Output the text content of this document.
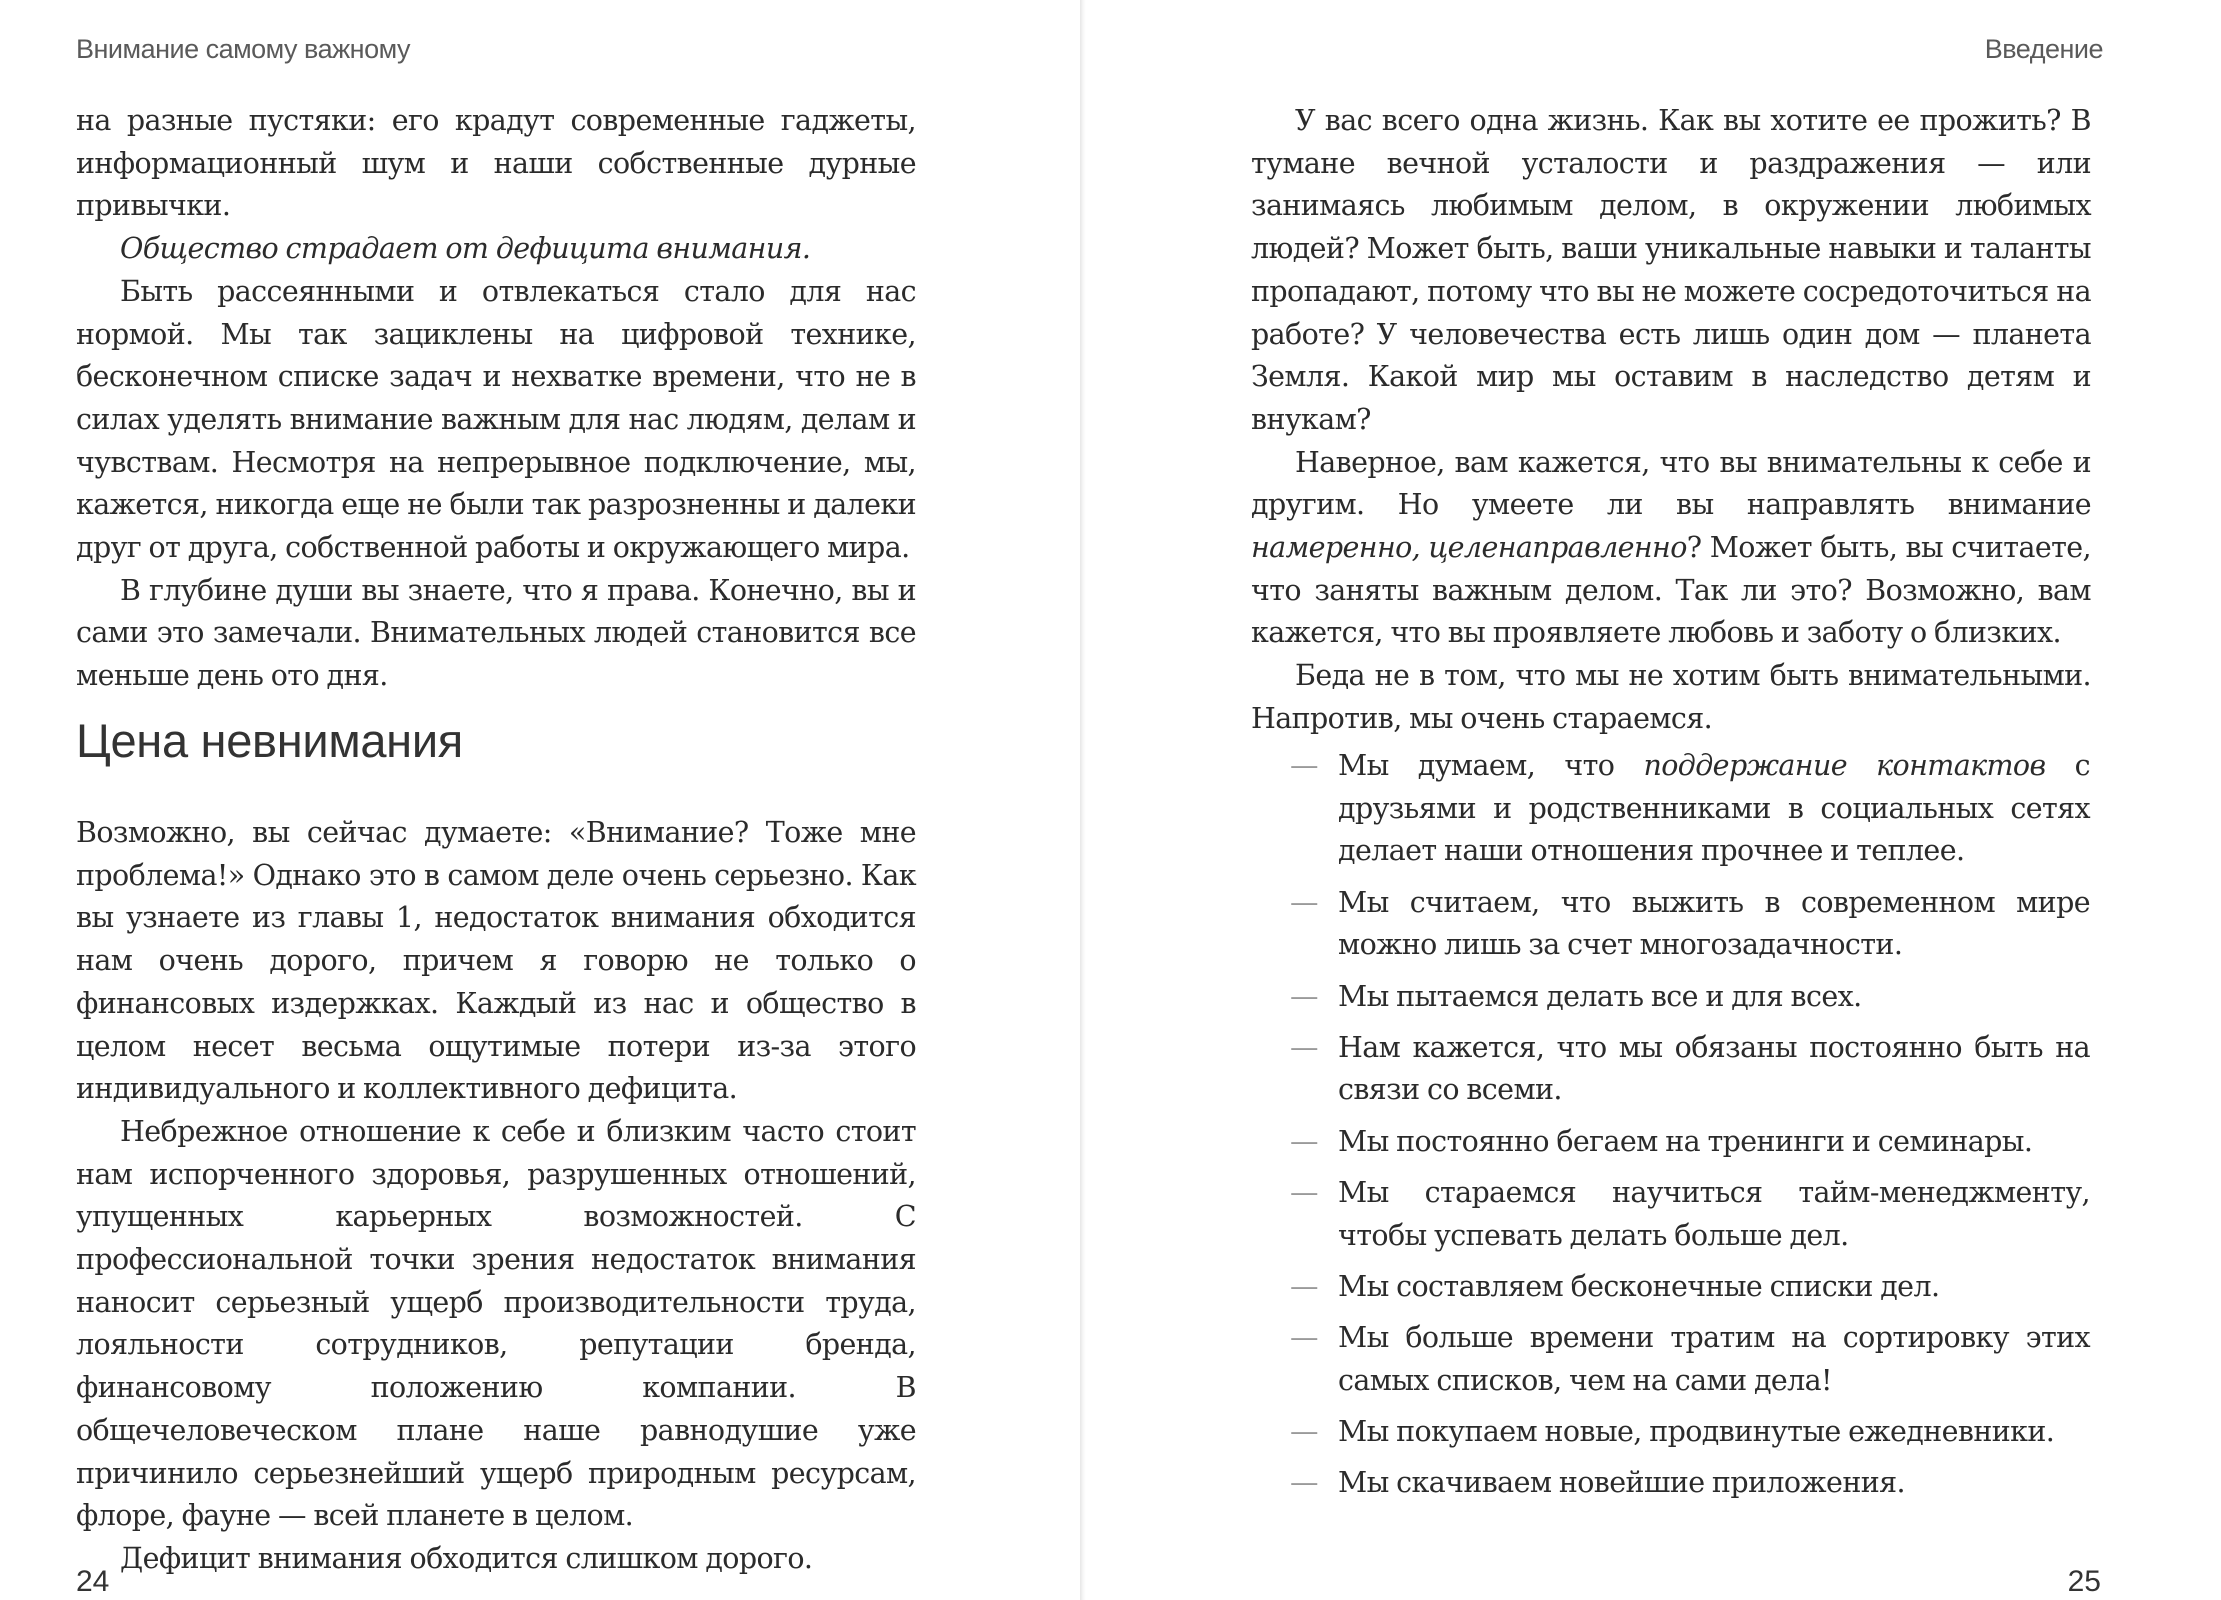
Внимание самому важному

на разные пустяки: его крадут современные гаджеты, информационный шум и наши собственные дурные привычки.

Общество страдает от дефицита внимания.

Быть рассеянными и отвлекаться стало для нас нормой. Мы так зациклены на цифровой технике, бесконечном списке задач и нехватке времени, что не в силах уделять внимание важным для нас людям, делам и чувствам. Несмотря на непрерывное подключение, мы, кажется, никогда еще не были так разрозненны и далеки друг от друга, собственной работы и окружающего мира.

В глубине души вы знаете, что я права. Конечно, вы и сами это замечали. Внимательных людей становится все меньше день ото дня.

Цена невнимания

Возможно, вы сейчас думаете: «Внимание? Тоже мне проблема!» Однако это в самом деле очень серьезно. Как вы узнаете из главы 1, недостаток внимания обходится нам очень дорого, причем я говорю не только о финансовых издержках. Каждый из нас и общество в целом несет весьма ощутимые потери из-за этого индивидуального и коллективного дефицита.

Небрежное отношение к себе и близким часто стоит нам испорченного здоровья, разрушенных отношений, упущенных карьерных возможностей. С профессиональной точки зрения недостаток внимания наносит серьезный ущерб производительности труда, лояльности сотрудников, репутации бренда, финансовому положению компании. В общечеловеческом плане наше равнодушие уже причинило серьезнейший ущерб природным ресурсам, флоре, фауне — всей планете в целом.

Дефицит внимания обходится слишком дорого.

24
Введение

У вас всего одна жизнь. Как вы хотите ее прожить? В тумане вечной усталости и раздражения — или занимаясь любимым делом, в окружении любимых людей? Может быть, ваши уникальные навыки и таланты пропадают, потому что вы не можете сосредоточиться на работе? У человечества есть лишь один дом — планета Земля. Какой мир мы оставим в наследство детям и внукам?

Наверное, вам кажется, что вы внимательны к себе и другим. Но умеете ли вы направлять внимание намеренно, целенаправленно? Может быть, вы считаете, что заняты важным делом. Так ли это? Возможно, вам кажется, что вы проявляете любовь и заботу о близких.

Беда не в том, что мы не хотим быть внимательными. Напротив, мы очень стараемся.

25
— Мы думаем, что поддержание контактов с друзьями и родственниками в социальных сетях делает наши отношения прочнее и теплее.
— Мы считаем, что выжить в современном мире можно лишь за счет многозадачности.
— Мы пытаемся делать все и для всех.
— Нам кажется, что мы обязаны постоянно быть на связи со всеми.
— Мы постоянно бегаем на тренинги и семинары.
— Мы стараемся научиться тайм-менеджменту, чтобы успевать делать больше дел.
— Мы составляем бесконечные списки дел.
— Мы больше времени тратим на сортировку этих самых списков, чем на сами дела!
— Мы покупаем новые, продвинутые ежедневники.
— Мы скачиваем новейшие приложения.
